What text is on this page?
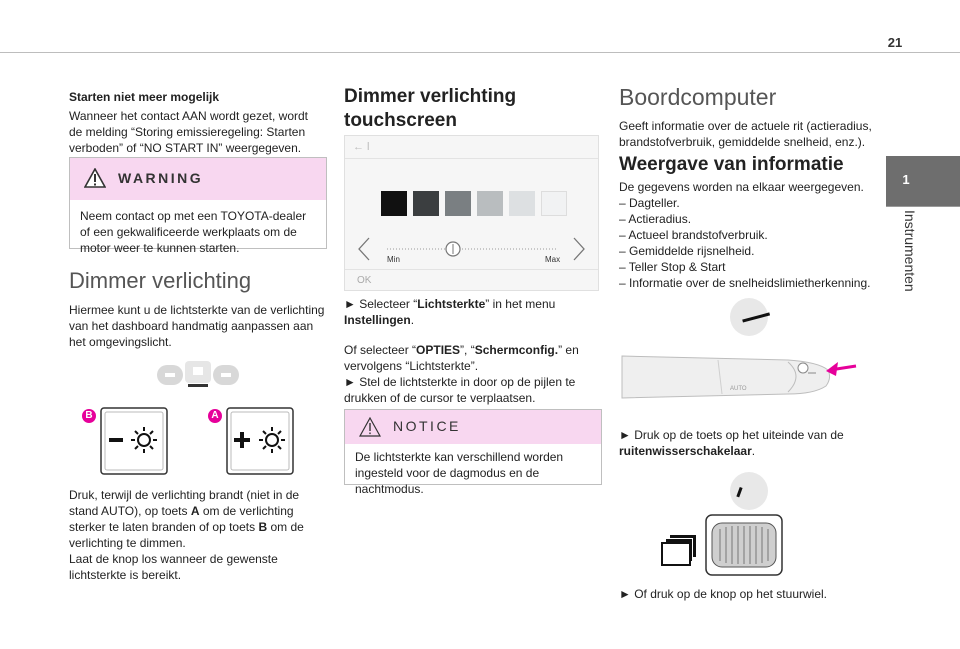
21
1
Instrumenten
Starten niet meer mogelijk
Wanneer het contact AAN wordt gezet, wordt de melding “Storing emissieregeling: Starten verboden” of “NO START IN” weergegeven.
WARNING
Neem contact op met een TOYOTA-dealer of een gekwalificeerde werkplaats om de motor weer te kunnen starten.
Dimmer verlichting
Hiermee kunt u de lichtsterkte van de verlichting van het dashboard handmatig aanpassen aan het omgevingslicht.
B	A
Druk, terwijl de verlichting brandt (niet in de stand AUTO), op toets A om de verlichting sterker te laten branden of op toets B om de verlichting te dimmen.
Laat de knop los wanneer de gewenste lichtsterkte is bereikt.
Dimmer verlichting
touchscreen
← l
Min	Max
OK
► Selecteer “Lichtsterkte” in het menu Instellingen.
Of selecteer “OPTIES”, “Schermconfig.” en vervolgens “Lichtsterkte”.
► Stel de lichtsterkte in door op de pijlen te drukken of de cursor te verplaatsen.
NOTICE
De lichtsterkte kan verschillend worden ingesteld voor de dagmodus en de nachtmodus.
Boordcomputer
Geeft informatie over de actuele rit (actieradius, brandstofverbruik, gemiddelde snelheid, enz.).
Weergave van informatie
De gegevens worden na elkaar weergegeven.
– Dagteller.
– Actieradius.
– Actueel brandstofverbruik.
– Gemiddelde rijsnelheid.
– Teller Stop & Start
– Informatie over de snelheidslimietherkenning.
AUTO
► Druk op de toets op het uiteinde van de ruitenwisserschakelaar.
► Of druk op de knop op het stuurwiel.
